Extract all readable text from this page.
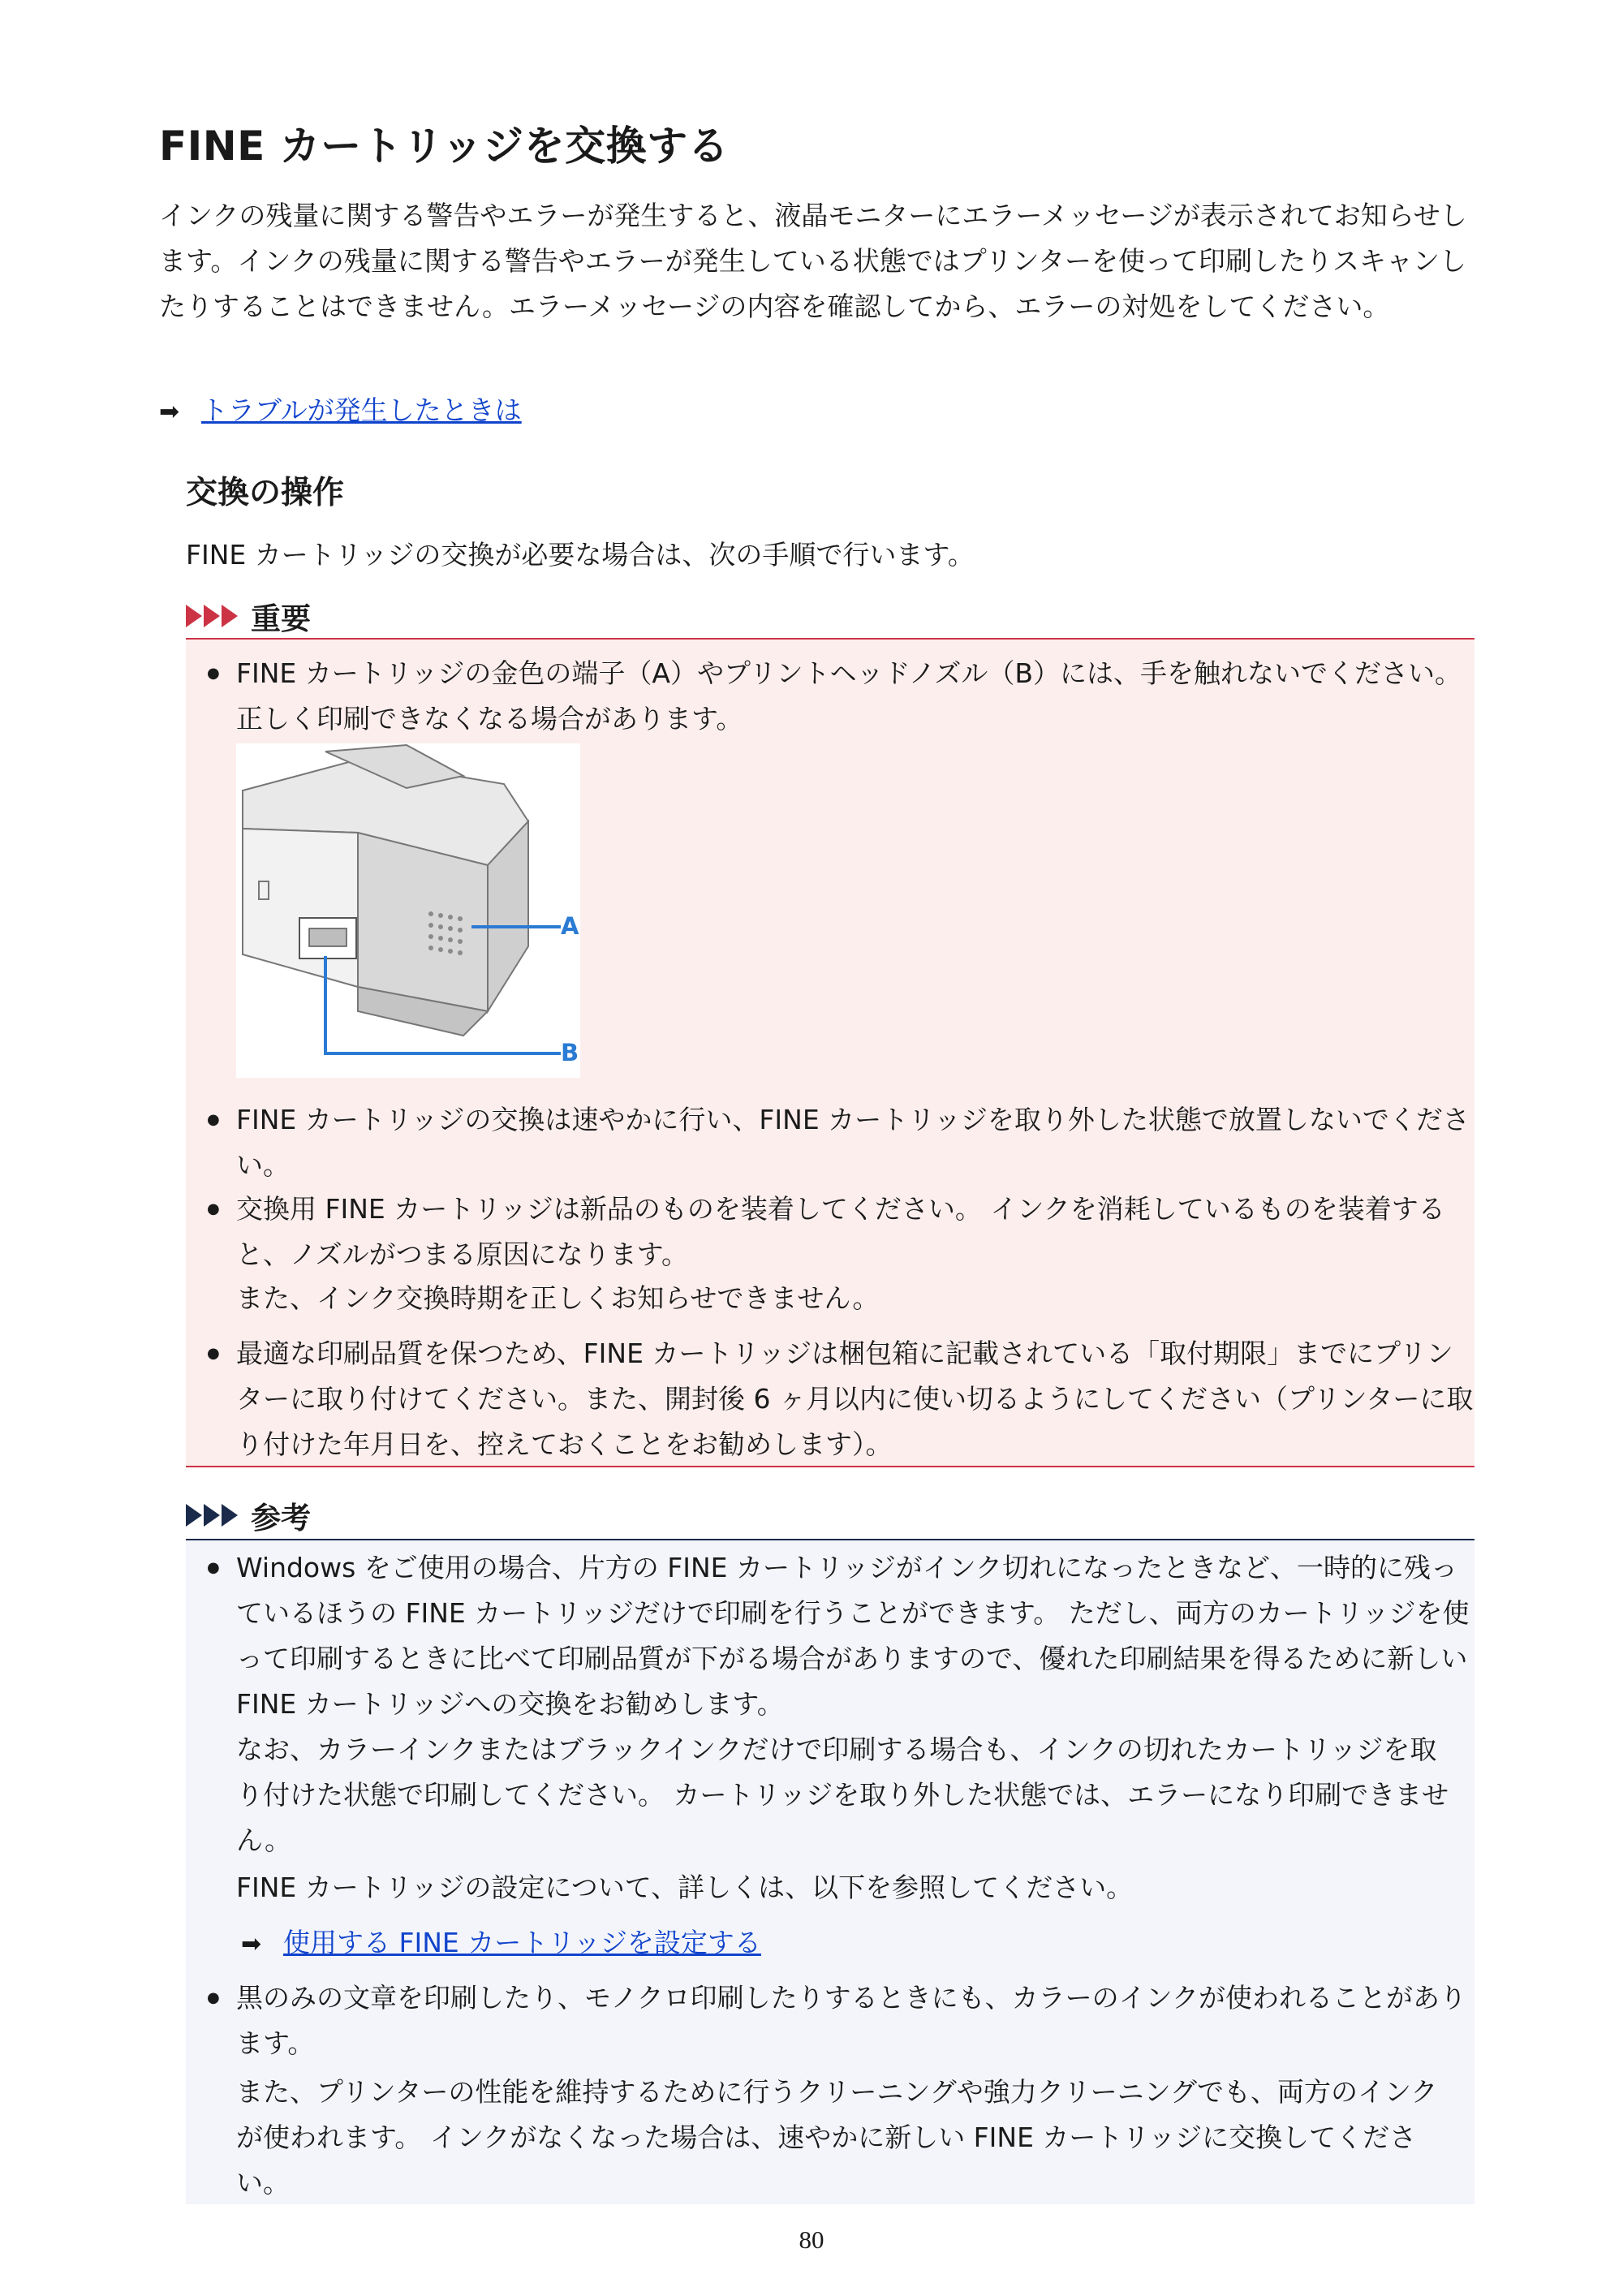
FINE カートリッジを交換する

インクの残量に関する警告やエラーが発生すると、液晶モニターにエラーメッセージが表示されてお知らせします。インクの残量に関する警告やエラーが発生している状態ではプリンターを使って印刷したりスキャンしたりすることはできません。エラーメッセージの内容を確認してから、エラーの対処をしてください。

➡ トラブルが発生したときは
交換の操作

FINE カートリッジの交換が必要な場合は、次の手順で行います。

重要
● FINE カートリッジの金色の端子（A）やプリントヘッドノズル（B）には、手を触れないでください。正しく印刷できなくなる場合があります。
A
B
● FINE カートリッジの交換は速やかに行い、FINE カートリッジを取り外した状態で放置しないでください。
● 交換用 FINE カートリッジは新品のものを装着してください。 インクを消耗しているものを装着すると、ノズルがつまる原因になります。
また、インク交換時期を正しくお知らせできません。
● 最適な印刷品質を保つため、FINE カートリッジは梱包箱に記載されている「取付期限」までにプリンターに取り付けてください。また、開封後 6 ヶ月以内に使い切るようにしてください（プリンターに取り付けた年月日を、控えておくことをお勧めします）。
参考
● Windows をご使用の場合、片方の FINE カートリッジがインク切れになったときなど、一時的に残っているほうの FINE カートリッジだけで印刷を行うことができます。 ただし、両方のカートリッジを使って印刷するときに比べて印刷品質が下がる場合がありますので、優れた印刷結果を得るために新しい FINE カートリッジへの交換をお勧めします。
なお、カラーインクまたはブラックインクだけで印刷する場合も、インクの切れたカートリッジを取り付けた状態で印刷してください。 カートリッジを取り外した状態では、エラーになり印刷できません。
FINE カートリッジの設定について、詳しくは、以下を参照してください。
➡ 使用する FINE カートリッジを設定する
● 黒のみの文章を印刷したり、モノクロ印刷したりするときにも、カラーのインクが使われることがあります。
また、プリンターの性能を維持するために行うクリーニングや強力クリーニングでも、両方のインクが使われます。 インクがなくなった場合は、速やかに新しい FINE カートリッジに交換してください。
80
